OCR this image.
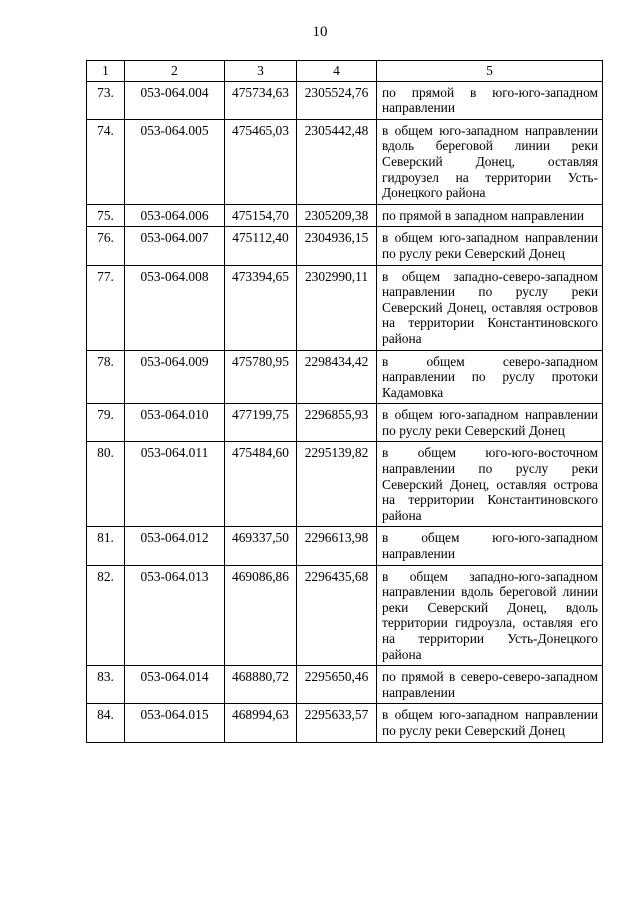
10
1	2	3	4	5
73.	053-064.004	475734,63	2305524,76	по прямой в юго-юго-западном направлении
74.	053-064.005	475465,03	2305442,48	в общем юго-западном направлении вдоль береговой линии реки Северский Донец, оставляя гидроузел на территории Усть-Донецкого района
75.	053-064.006	475154,70	2305209,38	по прямой в западном направлении
76.	053-064.007	475112,40	2304936,15	в общем юго-западном направлении по руслу реки Северский Донец
77.	053-064.008	473394,65	2302990,11	в общем западно-северо-западном направлении по руслу реки Северский Донец, оставляя островов на территории Константиновского района
78.	053-064.009	475780,95	2298434,42	в общем северо-западном направлении по руслу протоки Кадамовка
79.	053-064.010	477199,75	2296855,93	в общем юго-западном направлении по руслу реки Северский Донец
80.	053-064.011	475484,60	2295139,82	в общем юго-юго-восточном направлении по руслу реки Северский Донец, оставляя острова на территории Константиновского района
81.	053-064.012	469337,50	2296613,98	в общем юго-юго-западном направлении
82.	053-064.013	469086,86	2296435,68	в общем западно-юго-западном направлении вдоль береговой линии реки Северский Донец, вдоль территории гидроузла, оставляя его на территории Усть-Донецкого района
83.	053-064.014	468880,72	2295650,46	по прямой в северо-северо-западном направлении
84.	053-064.015	468994,63	2295633,57	в общем юго-западном направлении по руслу реки Северский Донец
